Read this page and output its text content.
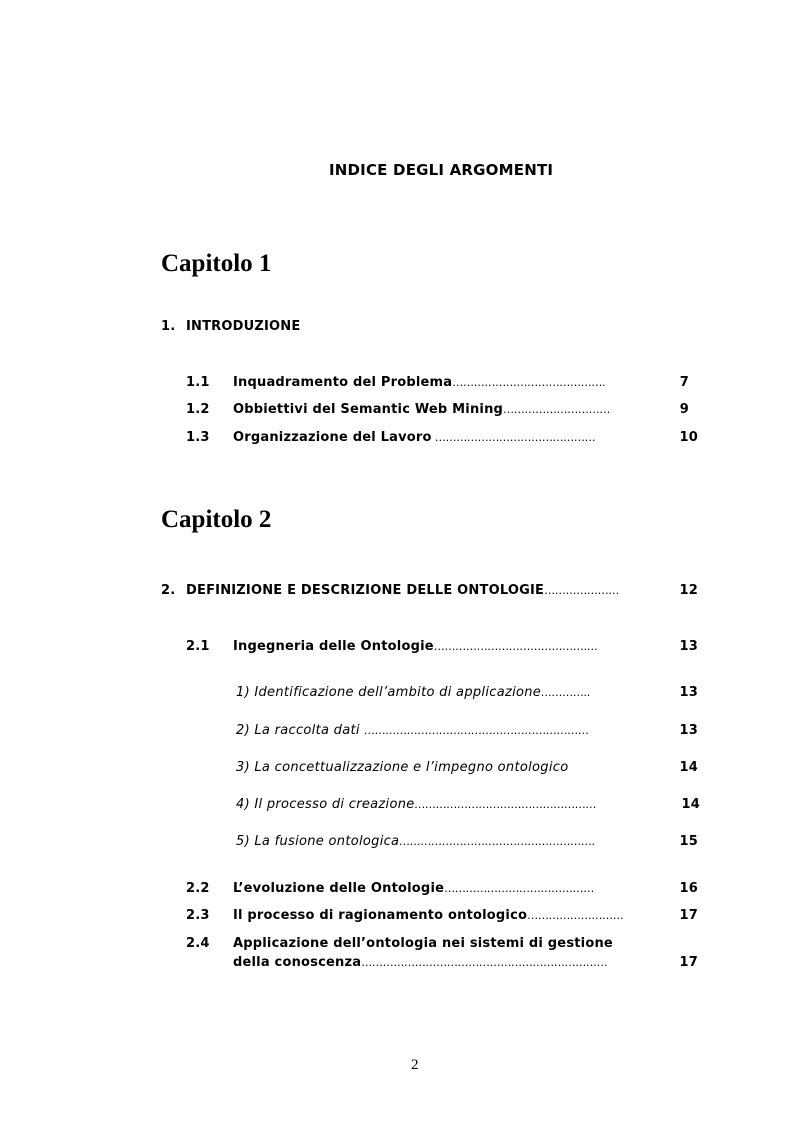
INDICE DEGLI ARGOMENTI
Capitolo 1
1. INTRODUZIONE
1.1 Inquadramento del Problema…………………………………….	7
1.2 Obbiettivi del Semantic Web Mining…………………………	9
1.3 Organizzazione del Lavoro ………………………………………	10
Capitolo 2
2. DEFINIZIONE E DESCRIZIONE DELLE ONTOLOGIE…………………	12
2.1 Ingegneria delle Ontologie…………………………………….…	13
1) Identificazione dell’ambito di applicazione…………..	13
2) La raccolta dati ………………………………………………………	13
3) La concettualizzazione e l’impegno ontologico	14
4) Il processo di creazione……………………………………………	14
5) La fusione ontologica……………………………………………….	15
2.2 L’evoluzione delle Ontologie……………………………………	16
2.3 Il processo di ragionamento ontologico………………………	17
2.4 Applicazione dell’ontologia nei sistemi di gestione
della conoscenza……………………………………………………………	17
2
